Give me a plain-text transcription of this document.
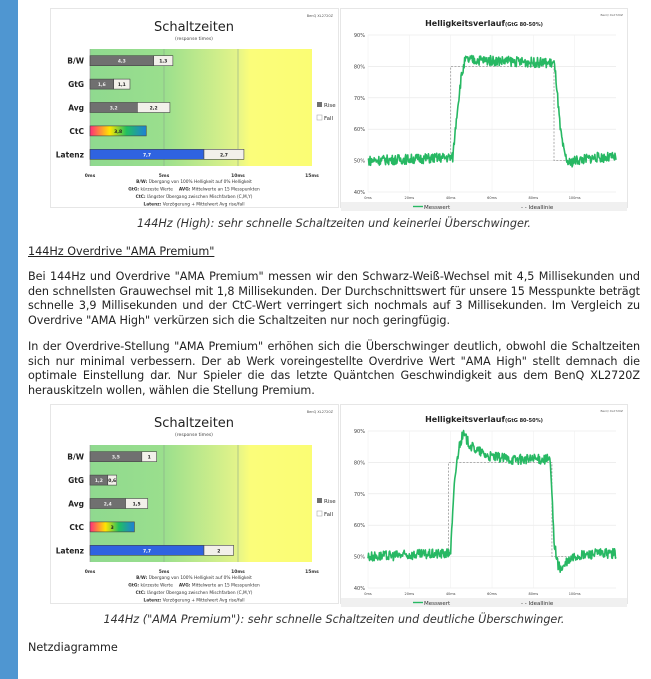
Schaltzeiten
(response times)
BenQ XL2720Z
0ms	5ms	10ms	15ms
B/W	4,3	1,3
GtG	1,6	1,1
Avg	3,2	2,2
CtC	3,8
Latenz	7,7	2,7
Rise
Fall
B/W: Übergang von 100% Helligkeit auf 0% Helligkeit
GtG: kürzeste Werte AVG: Mittelwerte an 15 Messpunkten
CtC: längster Übergang zwischen Mischfarben (C,M,Y)
Latenz: Verzögerung + Mittelwert Avg rise/fall
Helligkeitsverlauf(GtG 80-50%)
BenQ XL2720Z
40%
50%
60%
70%
80%
90%
0ms	20ms	40ms	60ms	80ms	100ms
Messwert	- - Ideallinie
144Hz (High): sehr schnelle Schaltzeiten und keinerlei Überschwinger.
144Hz Overdrive "AMA Premium"

Bei 144Hz und Overdrive "AMA Premium" messen wir den Schwarz-Weiß-Wechsel mit 4,5 Millisekunden und den schnellsten Grauwechsel mit 1,8 Millisekunden. Der Durchschnittswert für unsere 15 Messpunkte beträgt schnelle 3,9 Millisekunden und der CtC-Wert verringert sich nochmals auf 3 Millisekunden. Im Vergleich zu Overdrive "AMA High" verkürzen sich die Schaltzeiten nur noch geringfügig.

In der Overdrive-Stellung "AMA Premium" erhöhen sich die Überschwinger deutlich, obwohl die Schaltzeiten sich nur minimal verbessern. Der ab Werk voreingestellte Overdrive Wert "AMA High" stellt demnach die optimale Einstellung dar. Nur Spieler die das letzte Quäntchen Geschwindigkeit aus dem BenQ XL2720Z herauskitzeln wollen, wählen die Stellung Premium.

Schaltzeiten
(response times)
BenQ XL2720Z
0ms	5ms	10ms	15ms
B/W	3,5	1
GtG 1,2 0,6
Avg	2,4	1,5
CtC	3
Latenz	7,7	2
Rise
Fall
B/W: Übergang von 100% Helligkeit auf 0% Helligkeit
GtG: kürzeste Werte AVG: Mittelwerte an 15 Messpunkten
CtC: längster Übergang zwischen Mischfarben (C,M,Y)
Latenz: Verzögerung + Mittelwert Avg rise/fall
Helligkeitsverlauf(GtG 80-50%)
BenQ XL2720Z
40%
50%
60%
70%
80%
90%
0ms	20ms	40ms	60ms	80ms	100ms
Messwert	- - Ideallinie
144Hz ("AMA Premium"): sehr schnelle Schaltzeiten und deutliche Überschwinger.
Netzdiagramme
